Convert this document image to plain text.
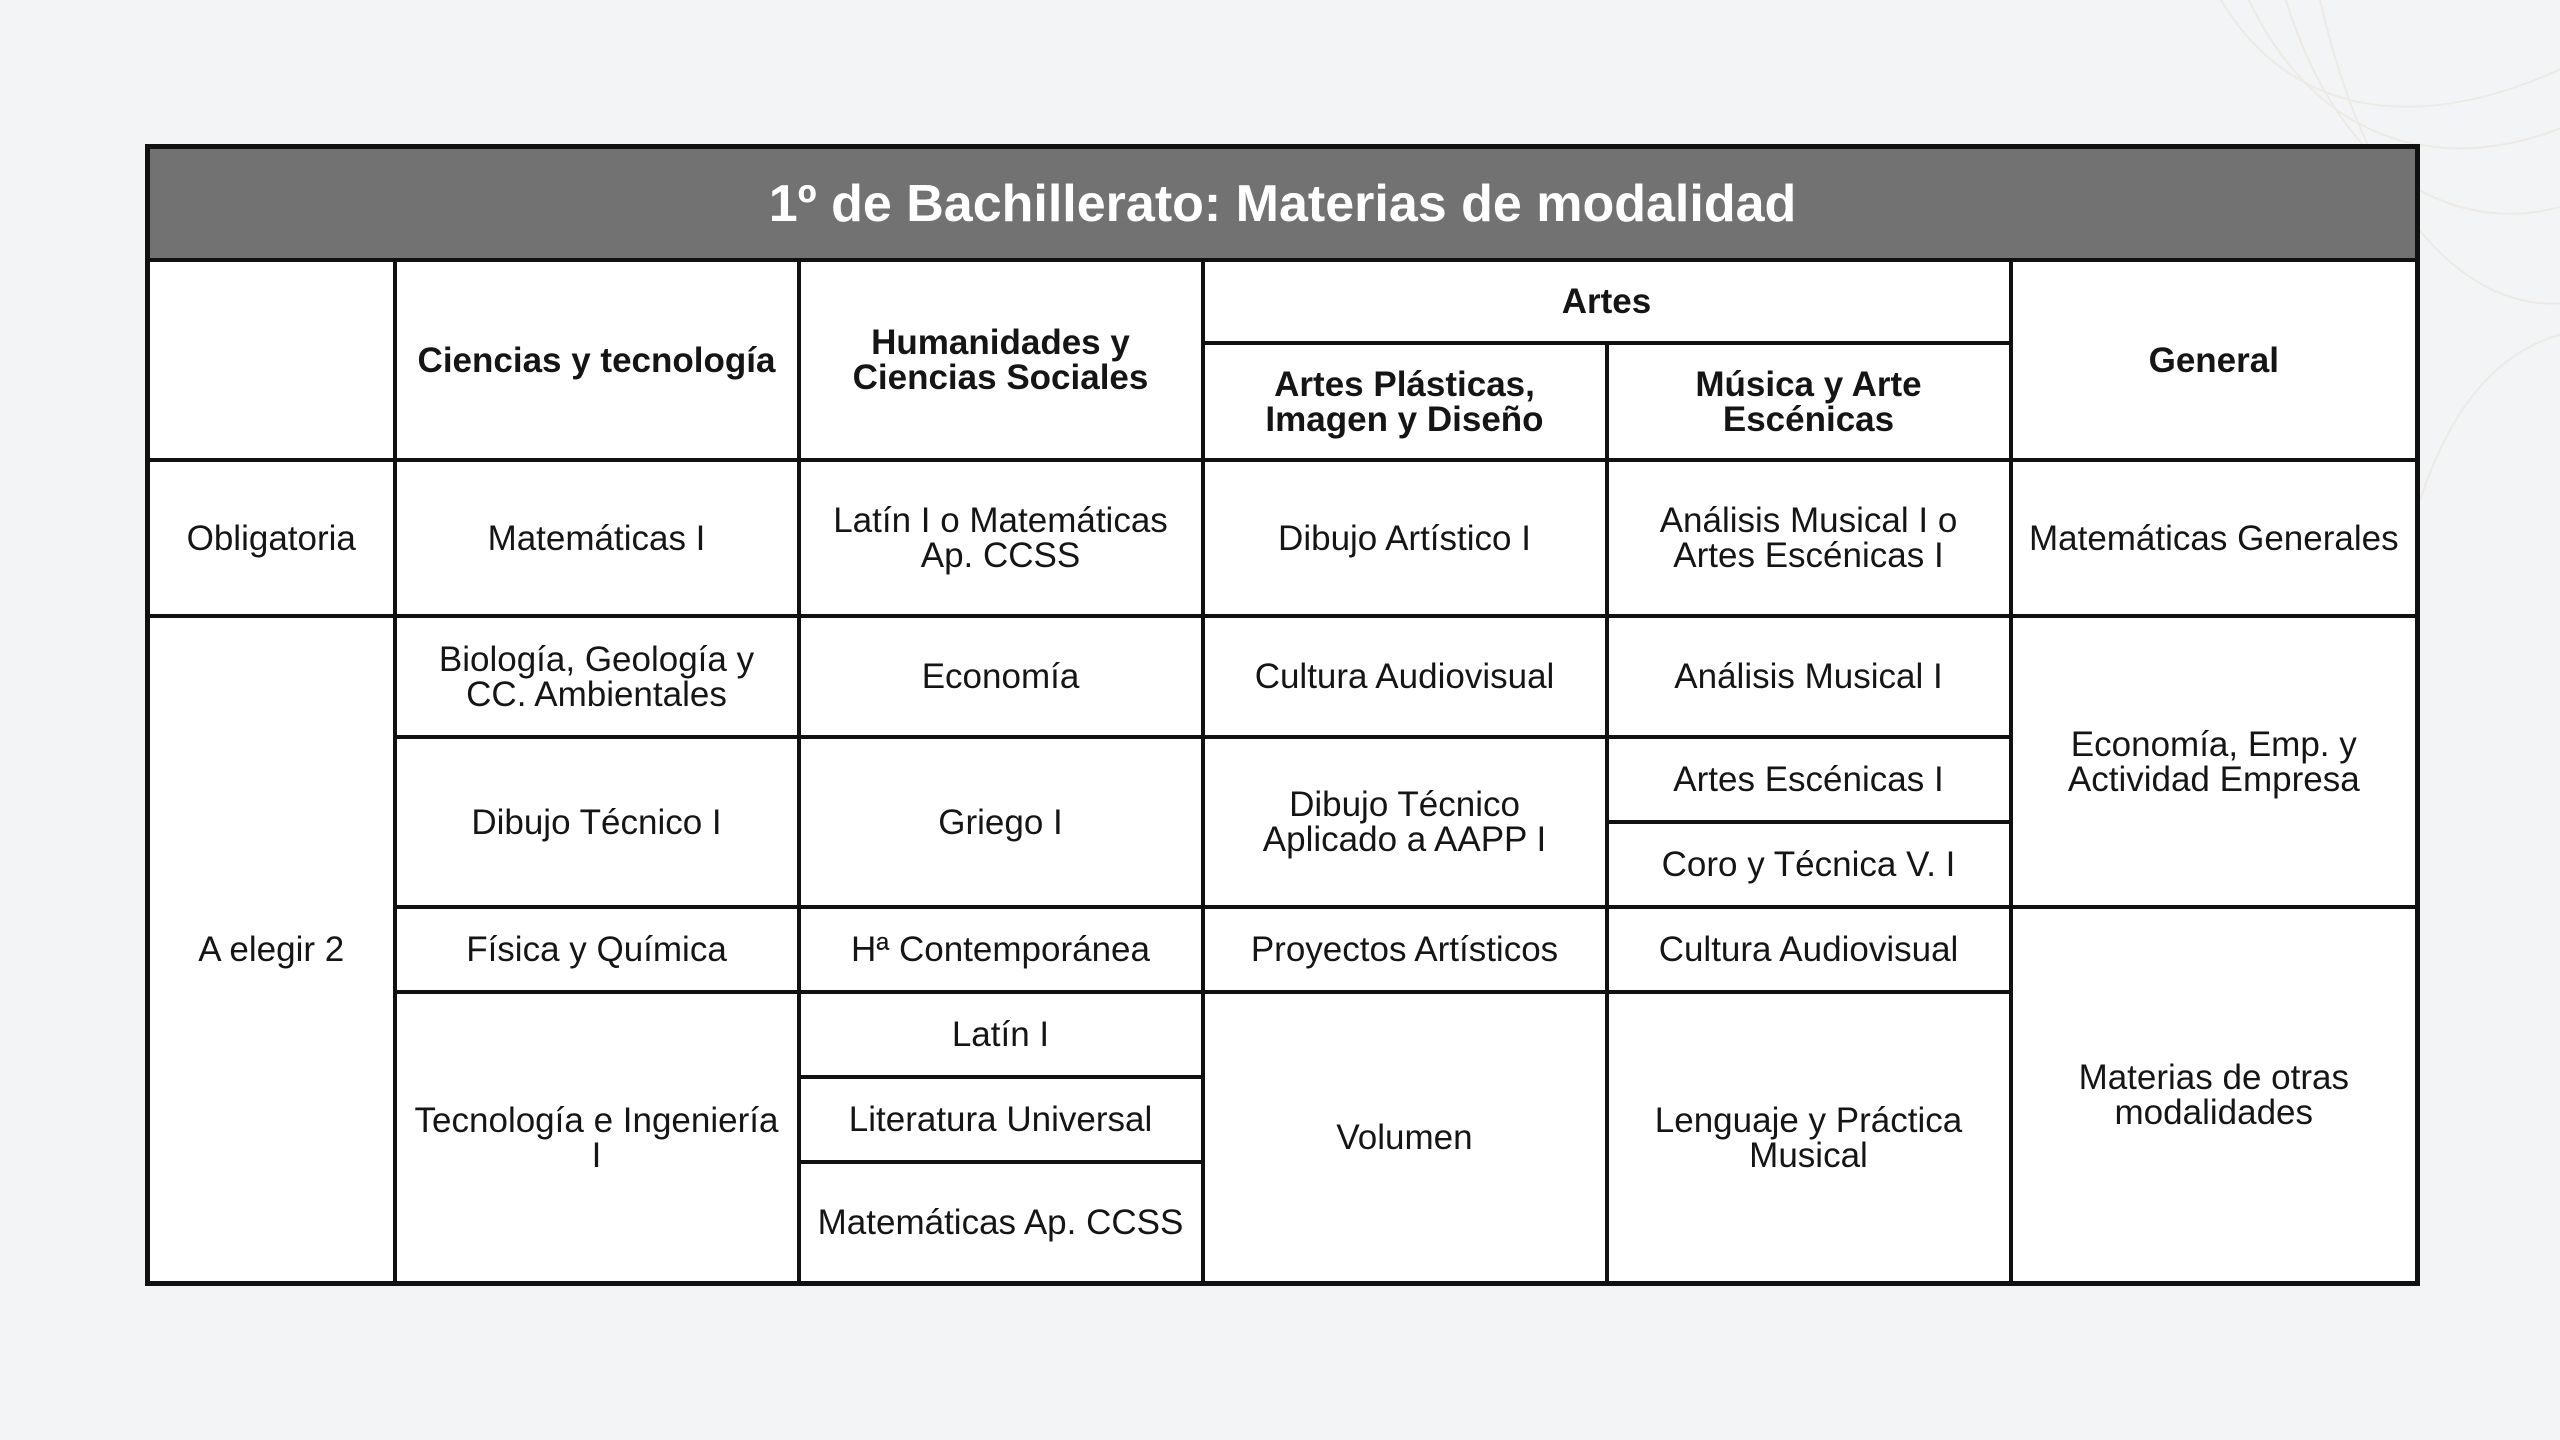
1º de Bachillerato: Materias de modalidad					
	Ciencias y tecnología	Humanidades y Ciencias Sociales	Artes		General
			Artes Plásticas, Imagen y Diseño	Música y Arte Escénicas	
Obligatoria	Matemáticas I	Latín I o Matemáticas Ap. CCSS	Dibujo Artístico I	Análisis Musical I o Artes Escénicas I	Matemáticas Generales
A elegir 2	Biología, Geología y CC. Ambientales	Economía	Cultura Audiovisual	Análisis Musical I	Economía, Emp. y Actividad Empresa
	Dibujo Técnico I	Griego I	Dibujo Técnico Aplicado a AAPP I	Artes Escénicas I	
				Coro y Técnica V. I	
	Física y Química	Hª Contemporánea	Proyectos Artísticos	Cultura Audiovisual	Materias de otras modalidades
	Tecnología e Ingeniería I	Latín I	Volumen	Lenguaje y Práctica Musical	
		Literatura Universal			
		Matemáticas Ap. CCSS			
